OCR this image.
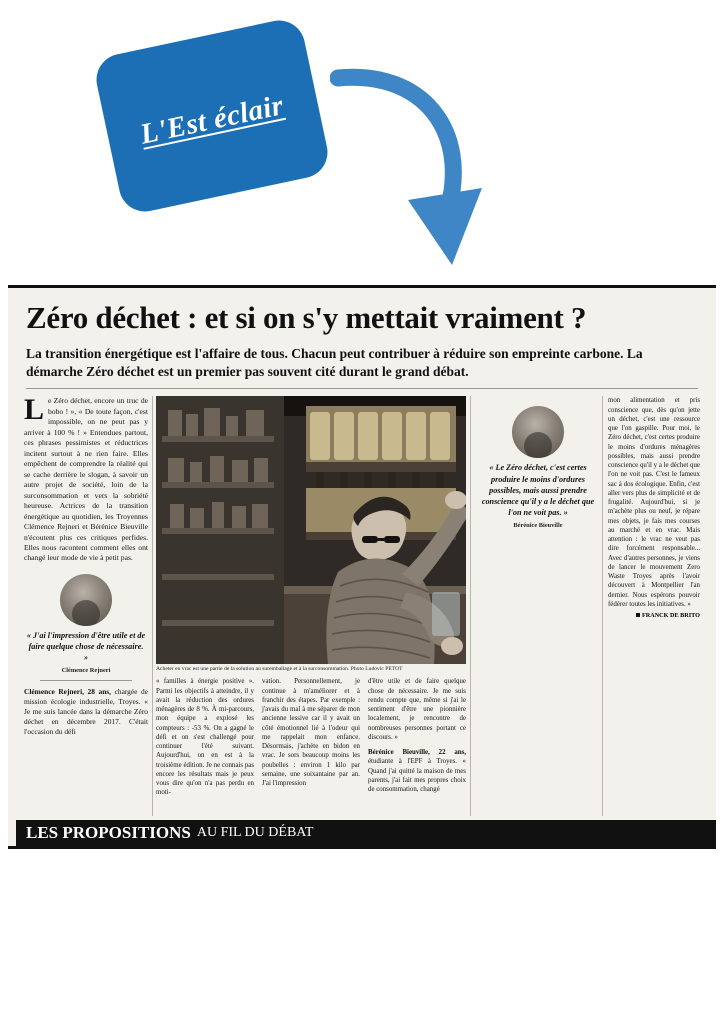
L'Est éclair
Zéro déchet : et si on s'y mettait vraiment ?
La transition énergétique est l'affaire de tous. Chacun peut contribuer à réduire son empreinte carbone. La démarche Zéro déchet est un premier pas souvent cité durant le grand débat.
Le Zéro déchet, encore un truc de bobo ! », « De toute façon, c'est impossible, on ne peut pas y arriver à 100 % ! » Entendues partout, ces phrases pessimistes et réductrices incitent surtout à ne rien faire. Elles empêchent de comprendre la réalité qui se cache derrière le slogan, à savoir un autre projet de société, loin de la surconsommation et vers la sobriété heureuse. Actrices de la transition énergétique au quotidien, les Troyennes Clémence Rejneri et Bérénice Bieuville n'écoutent plus ces critiques perfides. Elles nous racontent comment elles ont changé leur mode de vie à petit pas.
« J'ai l'impression d'être utile et de faire quelque chose de nécessaire. »
Clémence Rejneri
Clémence Rejneri, 28 ans, chargée de mission écologie industrielle, Troyes. « Je me suis lancée dans la démarche Zéro déchet en décembre 2017. C'était l'occasion du défi
Acheter en vrac est une partie de la solution au suremballage et à la surconsommation. Photo Ludovic PETOT
« familles à énergie positive ». Parmi les objectifs à atteindre, il y avait la réduction des ordures ménagères de 8 %. À mi-parcours, mon équipe a explosé les compteurs : -53 %. On a gagné le défi et on s'est challengé pour continuer l'été suivant. Aujourd'hui, on en est à la troisième édition. Je ne connais pas encore les résultats mais je peux vous dire qu'on n'a pas perdu en moti-
vation. Personnellement, je continue à m'améliorer et à franchir des étapes. Par exemple : j'avais du mal à me séparer de mon ancienne lessive car il y avait un côté émotionnel lié à l'odeur qui me rappelait mon enfance. Désormais, j'achète en bidon en vrac. Je sors beaucoup moins les poubelles : environ 1 kilo par semaine, une soixantaine par an. J'ai l'impression
d'être utile et de faire quelque chose de nécessaire. Je me suis rendu compte que, même si j'ai le sentiment d'être une pionnière localement, je rencontre de nombreuses personnes portant ce discours. »
Bérénice Bieuville, 22 ans, étudiante à l'EPF à Troyes. « Quand j'ai quitté la maison de mes parents, j'ai fait mes propres choix de consommation, changé
« Le Zéro déchet, c'est certes produire le moins d'ordures possibles, mais aussi prendre conscience qu'il y a le déchet que l'on ne voit pas. »
Bérénice Bieuville
mon alimentation et pris conscience que, dès qu'on jette un déchet, c'est une ressource que l'on gaspille. Pour moi, le Zéro déchet, c'est certes produire le moins d'ordures ménagères possibles, mais aussi prendre conscience qu'il y a le déchet que l'on ne voit pas. C'est le fameux sac à dos écologique. Enfin, c'est aller vers plus de simplicité et de frugalité. Aujourd'hui, si je m'achète plus ou neuf, je répare mes objets, je fais mes courses au marché et en vrac. Mais attention : le vrac ne veut pas dire forcément responsable... Avec d'autres personnes, je viens de lancer le mouvement Zero Waste Troyes après l'avoir découvert à Montpellier l'an dernier. Nous espérons pouvoir fédérer toutes les initiatives. »
FRANCK DE BRITO
LES PROPOSITIONS AU FIL DU DÉBAT
